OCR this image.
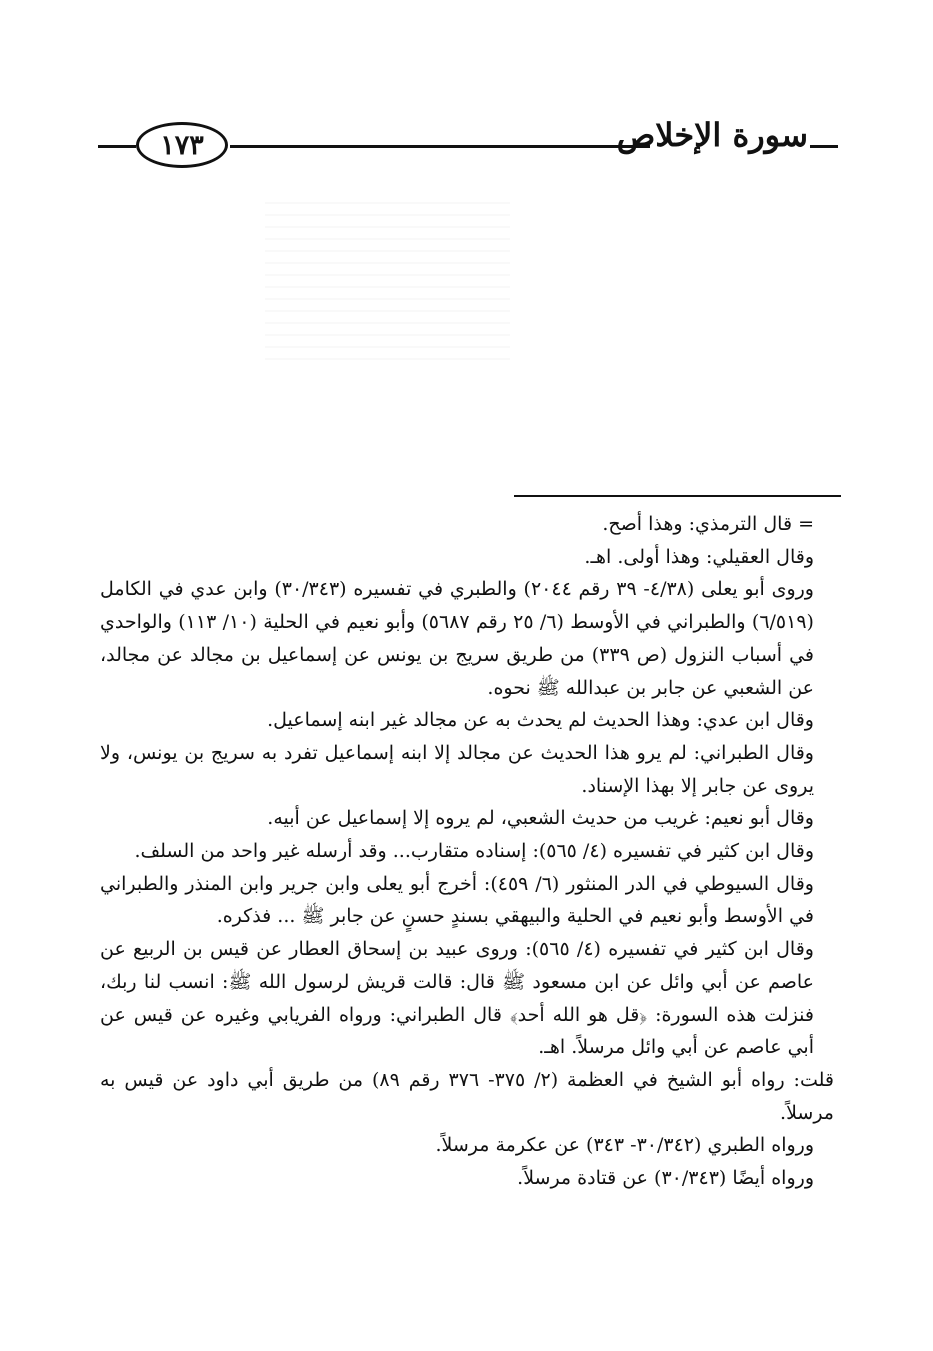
١٧٣	سورة الإخلاص

= قال الترمذي: وهذا أصح.

وقال العقيلي: وهذا أولى. اهـ.

وروى أبو يعلى (٤/٣٨- ٣٩ رقم ٢٠٤٤) والطبري في تفسيره (٣٠/٣٤٣) وابن عدي في الكامل (٦/٥١٩) والطبراني في الأوسط (٦/ ٢٥ رقم ٥٦٨٧) وأبو نعيم في الحلية (١٠/ ١١٣) والواحدي في أسباب النزول (ص ٣٣٩) من طريق سريج بن يونس عن إسماعيل بن مجالد عن مجالد، عن الشعبي عن جابر بن عبدالله ﷺ نحوه.

وقال ابن عدي: وهذا الحديث لم يحدث به عن مجالد غير ابنه إسماعيل.

وقال الطبراني: لم يرو هذا الحديث عن مجالد إلا ابنه إسماعيل تفرد به سريج بن يونس، ولا يروى عن جابر إلا بهذا الإسناد.

وقال أبو نعيم: غريب من حديث الشعبي، لم يروه إلا إسماعيل عن أبيه.

وقال ابن كثير في تفسيره (٤/ ٥٦٥): إسناده متقارب... وقد أرسله غير واحد من السلف.

وقال السيوطي في الدر المنثور (٦/ ٤٥٩): أخرج أبو يعلى وابن جرير وابن المنذر والطبراني في الأوسط وأبو نعيم في الحلية والبيهقي بسندٍ حسنٍ عن جابر ﷺ ... فذكره.

وقال ابن كثير في تفسيره (٤/ ٥٦٥): وروى عبيد بن إسحاق العطار عن قيس بن الربيع عن عاصم عن أبي وائل عن ابن مسعود ﷺ قال: قالت قريش لرسول الله ﷺ: انسب لنا ربك، فنزلت هذه السورة: ﴿قل هو الله أحد﴾ قال الطبراني: ورواه الفريابي وغيره عن قيس عن أبي عاصم عن أبي وائل مرسلاً. اهـ.

قلت: رواه أبو الشيخ في العظمة (٢/ ٣٧٥- ٣٧٦ رقم ٨٩) من طريق أبي داود عن قيس به مرسلاً.

ورواه الطبري (٣٠/٣٤٢- ٣٤٣) عن عكرمة مرسلاً.

ورواه أيضًا (٣٠/٣٤٣) عن قتادة مرسلاً.
